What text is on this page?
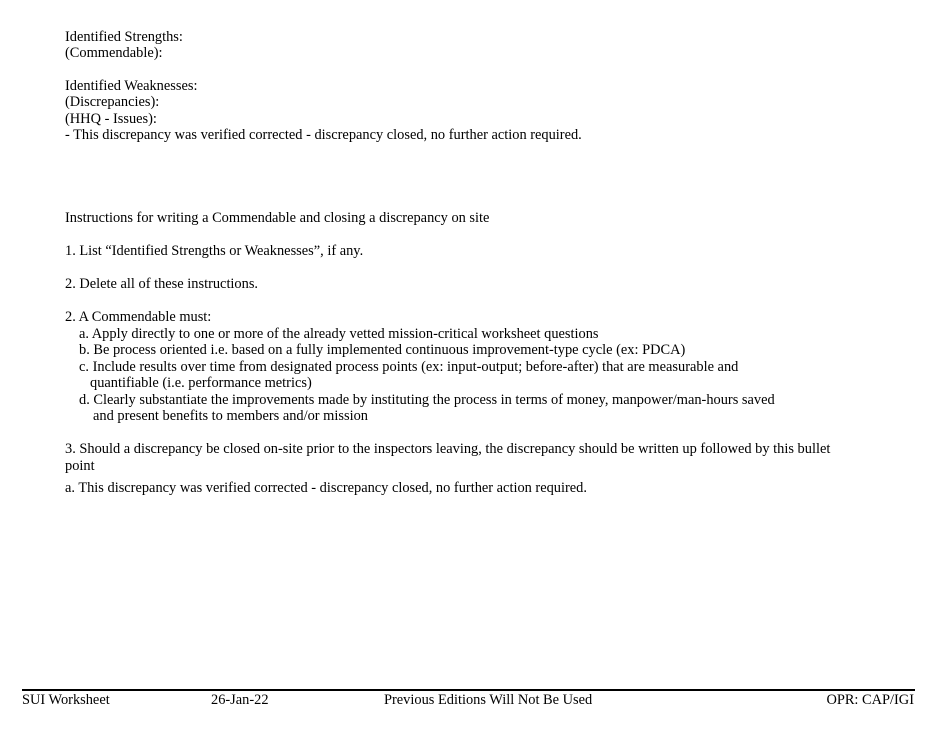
Identified Strengths:
(Commendable):
Identified Weaknesses:
(Discrepancies):
(HHQ - Issues):
- This discrepancy was verified corrected - discrepancy closed, no further action required.
Instructions for writing a Commendable and closing a discrepancy on site
1. List “Identified Strengths or Weaknesses”, if any.
2. Delete all of these instructions.
2. A Commendable must:
a. Apply directly to one or more of the already vetted mission-critical worksheet questions
b. Be process oriented i.e. based on a fully implemented continuous improvement-type cycle (ex: PDCA)
c. Include results over time from designated process points (ex: input-output; before-after) that are measurable and
quantifiable (i.e. performance metrics)
d. Clearly substantiate the improvements made by instituting the process in terms of money, manpower/man-hours saved
and present benefits to members and/or mission
3. Should a discrepancy be closed on-site prior to the inspectors leaving, the discrepancy should be written up followed by this bullet
point
a. This discrepancy was verified corrected - discrepancy closed, no further action required.
SUI Worksheet	26-Jan-22	Previous Editions Will Not Be Used	OPR: CAP/IGI
